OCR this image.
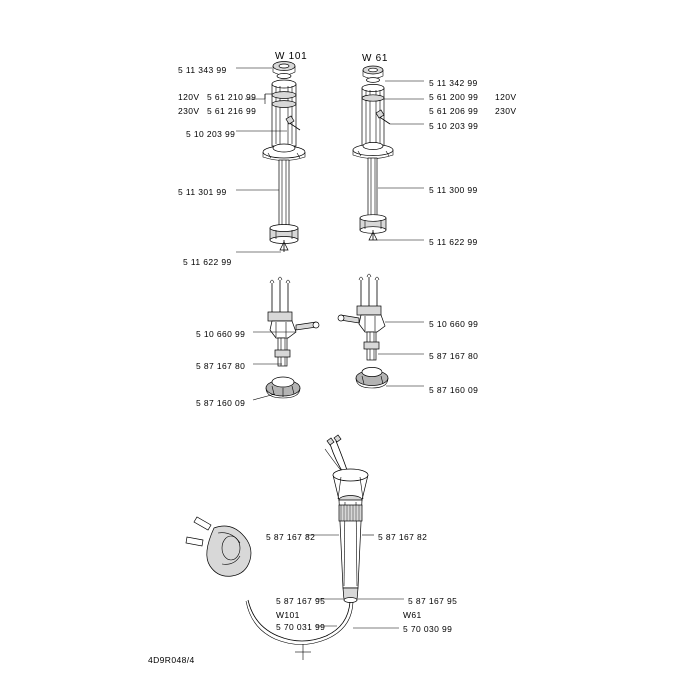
W 101	W 61
5 11 343 99
5 11 342 99
120V 5 61 210 99
230V 5 61 216 99
5 61 200 99 120V
5 61 206 99 230V
5 10 203 99
5 10 203 99
5 11 301 99	5 11 300 99
5 11 622 99
5 11 622 99
5 10 660 99
5 10 660 99
5 87 167 80
5 87 167 80
5 87 160 09
5 87 160 09
5 87 167 82	5 87 167 82
5 87 167 95	5 87 167 95
W101	W61
5 70 031 99	5 70 030 99
4D9R048/4
